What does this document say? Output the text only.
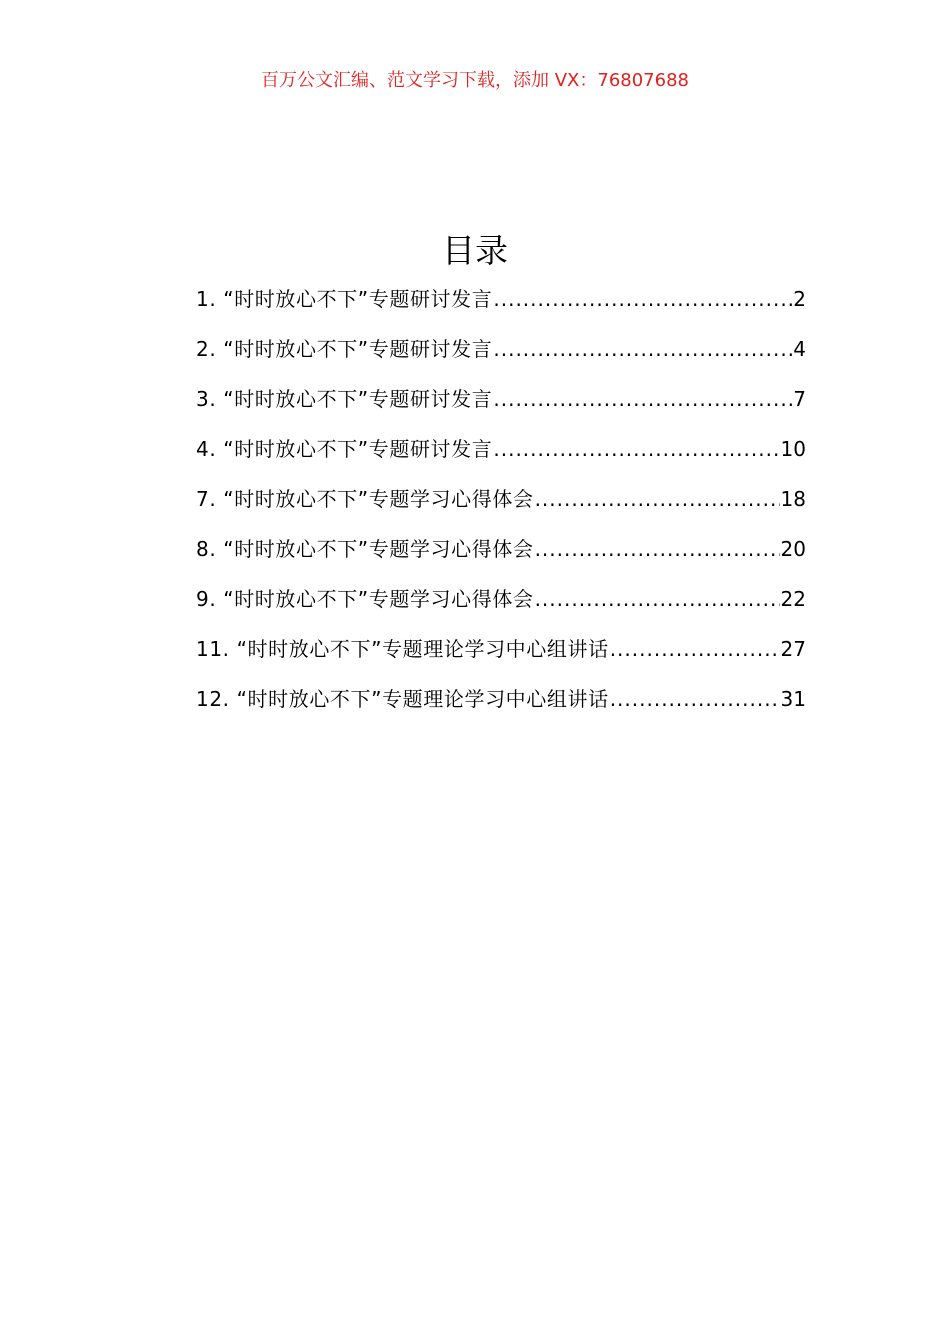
百万公文汇编、范文学习下载，添加 VX：76807688
目录
1. “时时放心不下”专题研讨发言 .....	2
2. “时时放心不下”专题研讨发言 .....	4
3. “时时放心不下”专题研讨发言 .....	7
4. “时时放心不下”专题研讨发言 .....	10
7. “时时放心不下”专题学习心得体会 .....	18
8. “时时放心不下”专题学习心得体会 .....	20
9. “时时放心不下”专题学习心得体会 .....	22
11. “时时放心不下”专题理论学习中心组讲话 .....	27
12. “时时放心不下”专题理论学习中心组讲话 .....	31
